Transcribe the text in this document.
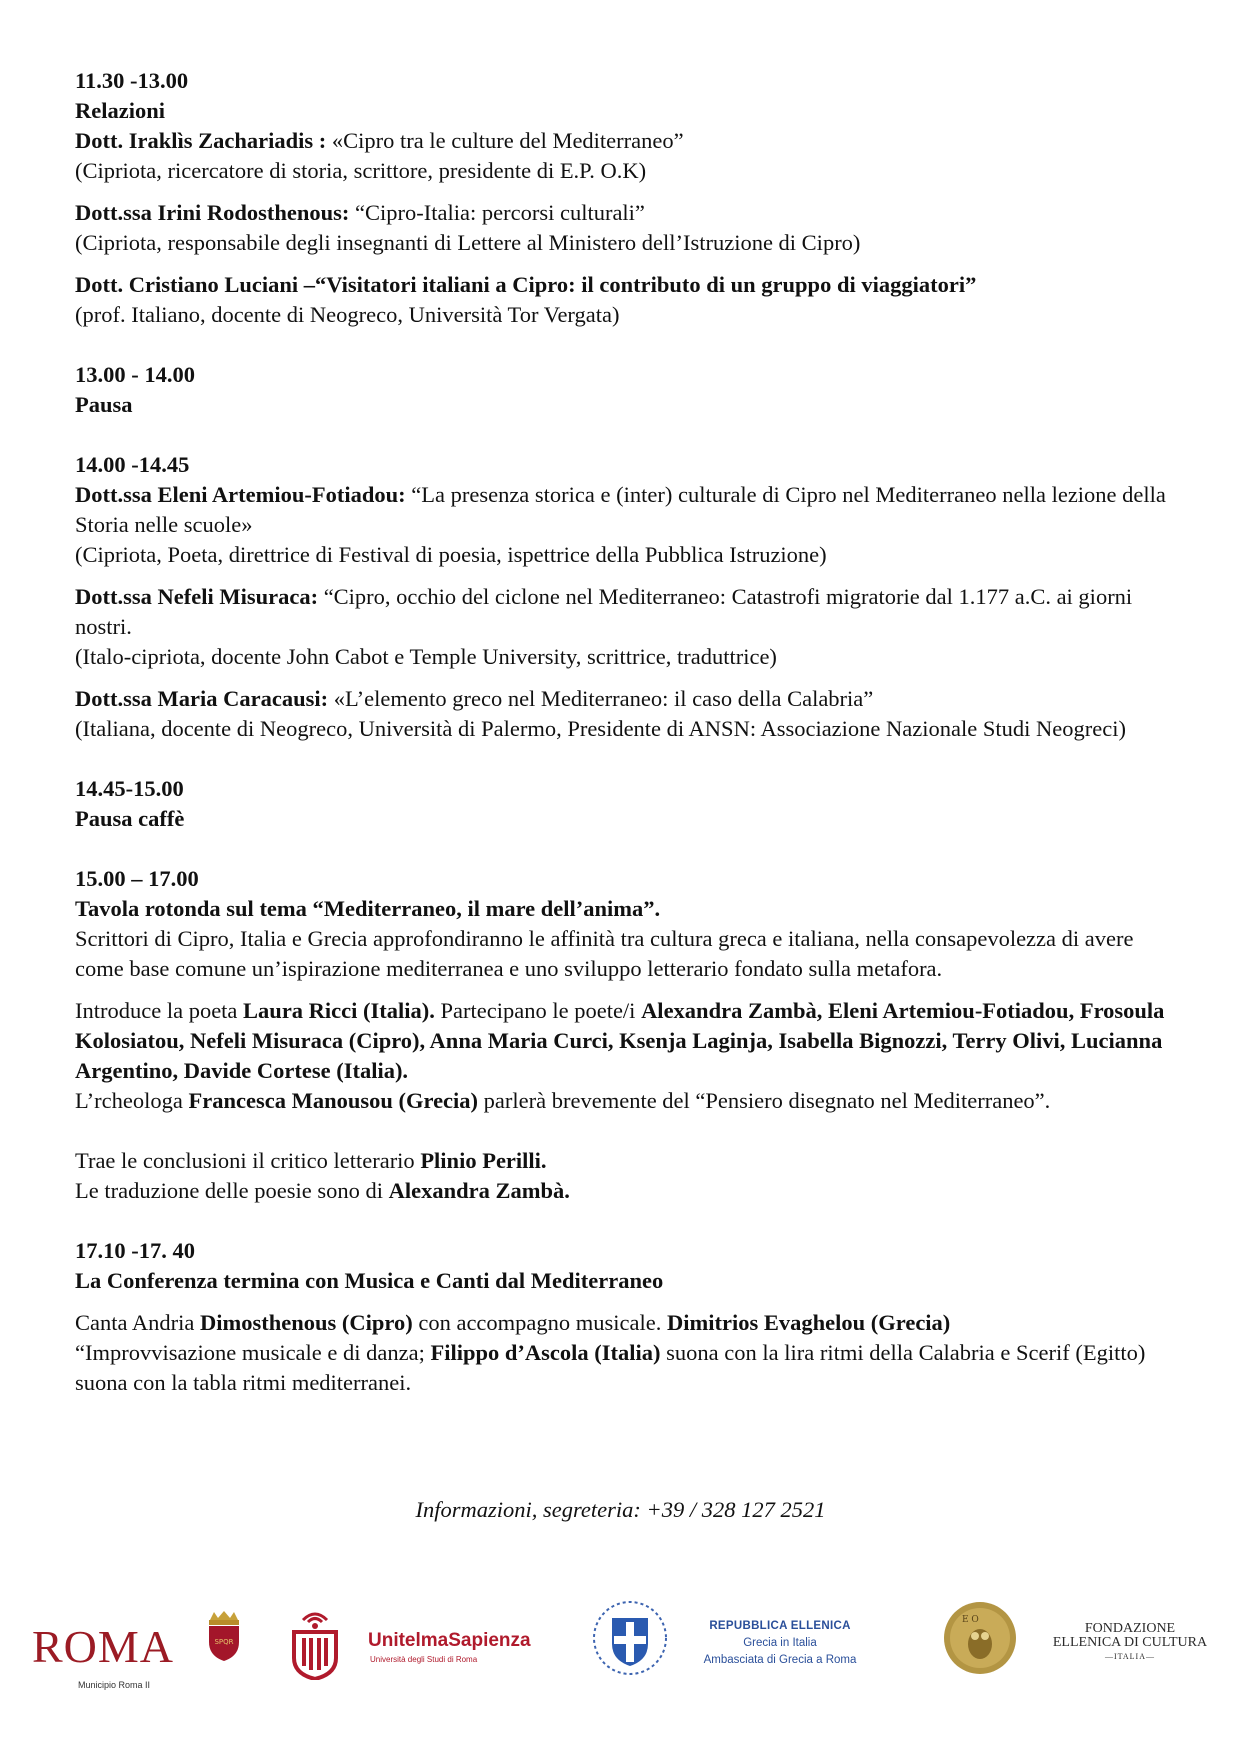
11.30 -13.00
Relazioni
Dott. Iraklìs Zachariadis : «Cipro tra le culture del Mediterraneo”
(Cipriota, ricercatore di storia, scrittore, presidente di E.P. O.K)
Dott.ssa Irini Rodosthenous: “Cipro-Italia: percorsi culturali”
(Cipriota, responsabile degli insegnanti di Lettere al Ministero dell’Istruzione di Cipro)
Dott. Cristiano Luciani –“Visitatori italiani a Cipro: il contributo di un gruppo di viaggiatori”
(prof. Italiano, docente di Neogreco, Università Tor Vergata)
13.00 - 14.00
Pausa
14.00 -14.45
Dott.ssa Eleni Artemiou-Fotiadou: “La presenza storica e (inter) culturale di Cipro nel Mediterraneo nella lezione della Storia nelle scuole»
(Cipriota, Poeta, direttrice di Festival di poesia, ispettrice della Pubblica Istruzione)
Dott.ssa Nefeli Misuraca: “Cipro, occhio del ciclone nel Mediterraneo: Catastrofi migratorie dal 1.177 a.C. ai giorni nostri.
(Italo-cipriota, docente John Cabot e Temple University, scrittrice, traduttrice)
Dott.ssa Maria Caracausi: «L’elemento greco nel Mediterraneo: il caso della Calabria”
(Italiana, docente di Neogreco, Università di Palermo, Presidente di ANSN: Associazione Nazionale Studi Neogreci)
14.45-15.00
Pausa caffè
15.00 – 17.00
Tavola rotonda sul tema “Mediterraneo, il mare dell’anima”.
Scrittori di Cipro, Italia e Grecia approfondiranno le affinità tra cultura greca e italiana, nella consapevolezza di avere come base comune un’ispirazione mediterranea e uno sviluppo letterario fondato sulla metafora.
Introduce la poeta Laura Ricci (Italia). Partecipano le poete/i Alexandra Zambà, Eleni Artemiou-Fotiadou, Frosoula Kolosiatou, Nefeli Misuraca (Cipro), Anna Maria Curci, Ksenja Laginja, Isabella Bignozzi, Terry Olivi, Lucianna Argentino, Davide Cortese (Italia).
L’rcheologa Francesca Manousou (Grecia) parlerà brevemente del “Pensiero disegnato nel Mediterraneo”.
Trae le conclusioni il critico letterario Plinio Perilli.
Le traduzione delle poesie sono di Alexandra Zambà.
17.10 -17. 40
La Conferenza termina con Musica e Canti dal Mediterraneo
Canta Andria Dimosthenous (Cipro) con accompagno musicale. Dimitrios Evaghelou (Grecia)
“Improvvisazione musicale e di danza; Filippo d’Ascola (Italia) suona con la lira ritmi della Calabria e Scerif (Egitto) suona con la tabla ritmi mediterranei.
Informazioni, segreteria: +39 / 328 127 2521
ROMA
Municipio Roma II
SPQR	UnitelmaSapienza
Università degli Studi di Roma
REPUBBLICA ELLENICA
Grecia in Italia
Ambasciata di Grecia a Roma
E O
FONDAZIONE
ELLENICA DI CULTURA
—ITALIA—
